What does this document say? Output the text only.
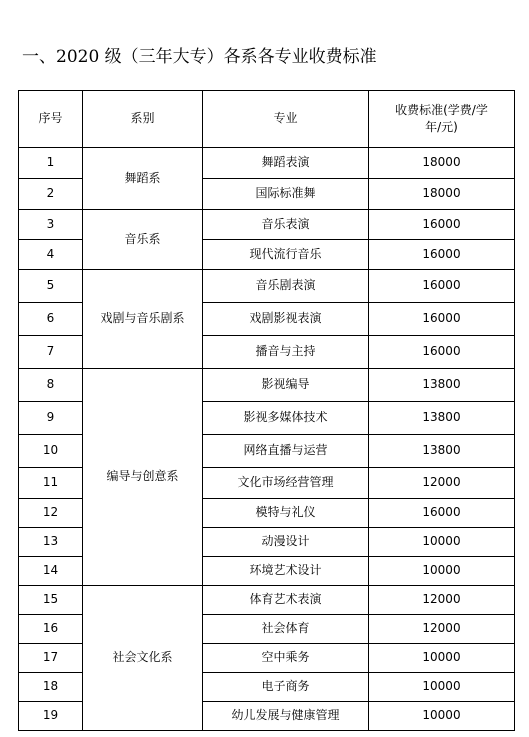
一、2020 级（三年大专）各系各专业收费标准
序号	系别	专业	收费标准(学费/学年/元)
1	舞蹈系	舞蹈表演	18000
2		国际标准舞	18000
3	音乐系	音乐表演	16000
4		现代流行音乐	16000
5	戏剧与音乐剧系	音乐剧表演	16000
6		戏剧影视表演	16000
7		播音与主持	16000
8	编导与创意系	影视编导	13800
9		影视多媒体技术	13800
10		网络直播与运营	13800
11		文化市场经营管理	12000
12		模特与礼仪	16000
13		动漫设计	10000
14		环境艺术设计	10000
15	社会文化系	体育艺术表演	12000
16		社会体育	12000
17		空中乘务	10000
18		电子商务	10000
19		幼儿发展与健康管理	10000
